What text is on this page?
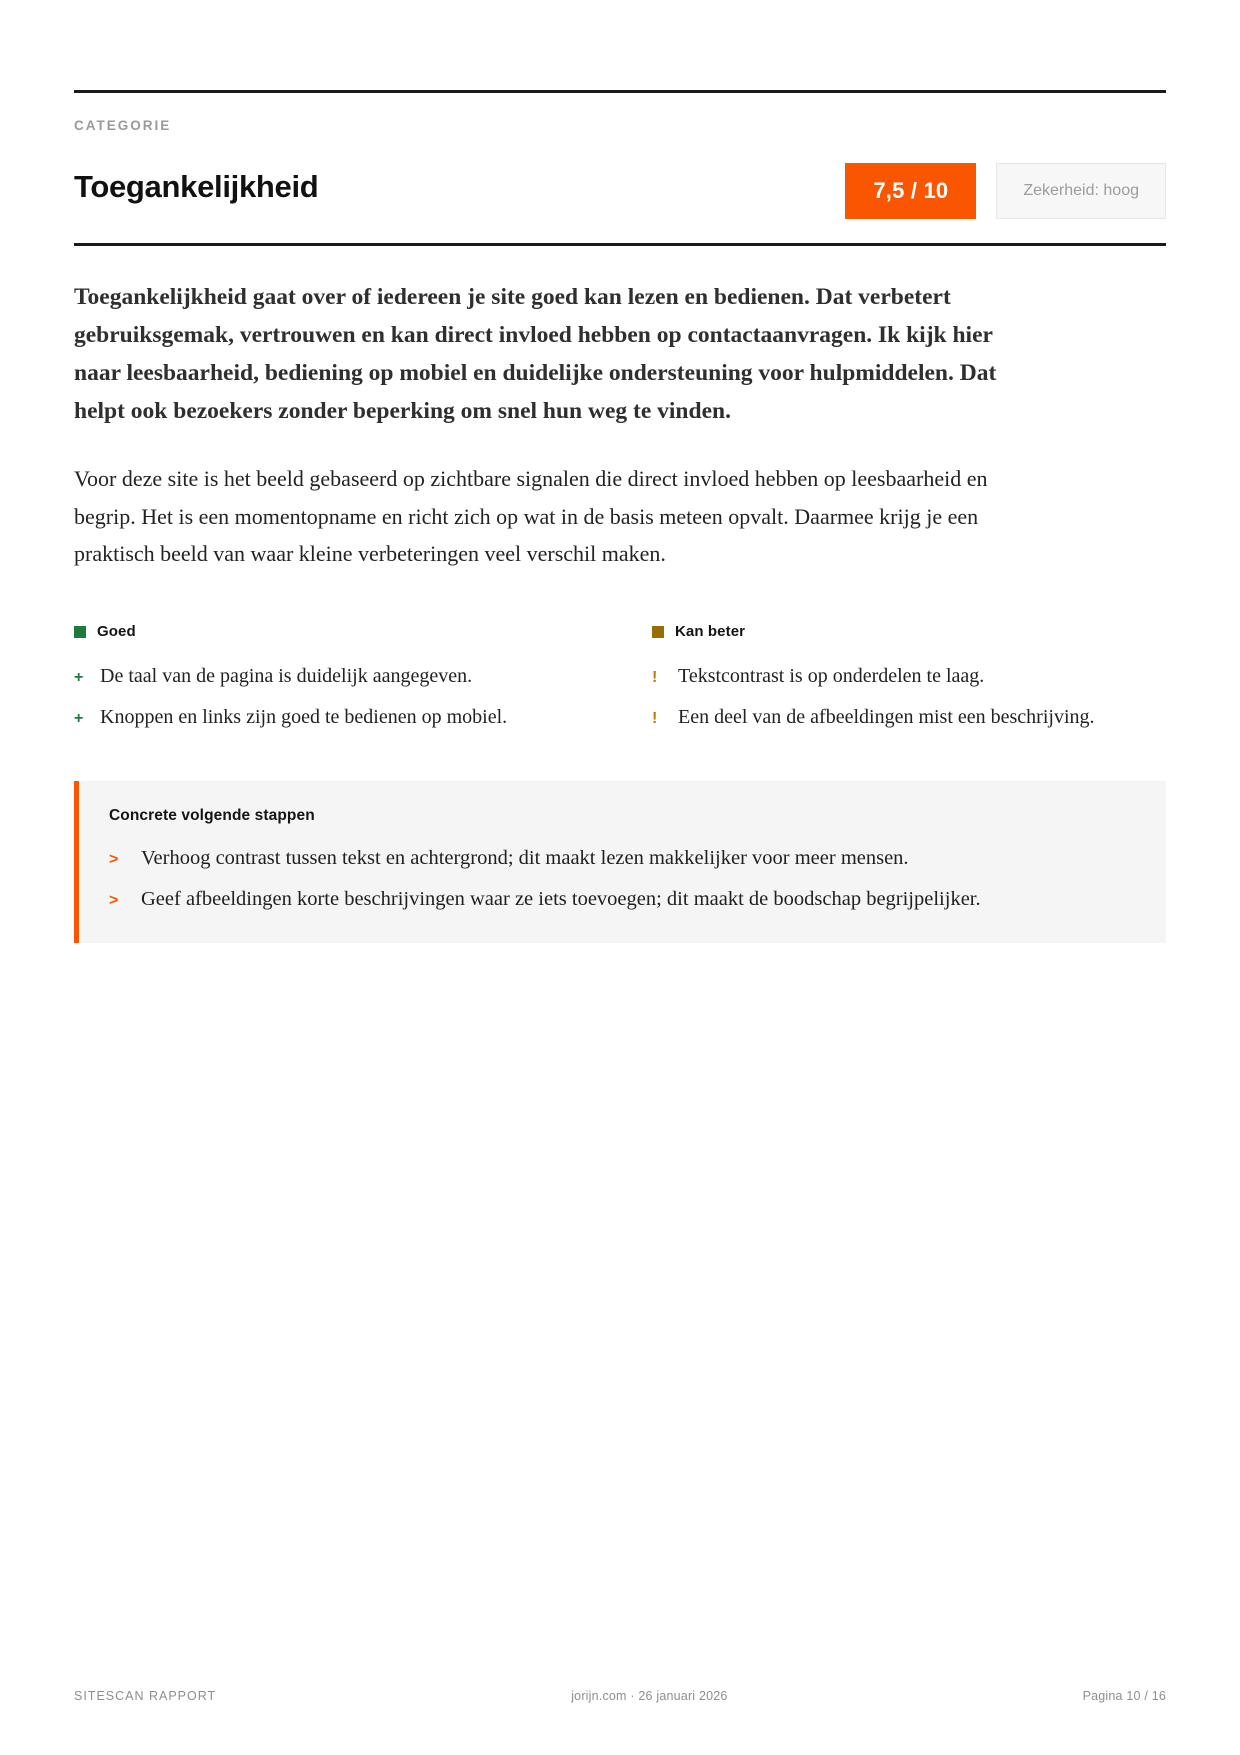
CATEGORIE
Toegankelijkheid	7,5 / 10	Zekerheid: hoog

Toegankelijkheid gaat over of iedereen je site goed kan lezen en bedienen. Dat verbetert gebruiksgemak, vertrouwen en kan direct invloed hebben op contactaanvragen. Ik kijk hier naar leesbaarheid, bediening op mobiel en duidelijke ondersteuning voor hulpmiddelen. Dat helpt ook bezoekers zonder beperking om snel hun weg te vinden.

Voor deze site is het beeld gebaseerd op zichtbare signalen die direct invloed hebben op leesbaarheid en begrip. Het is een momentopname en richt zich op wat in de basis meteen opvalt. Daarmee krijg je een praktisch beeld van waar kleine verbeteringen veel verschil maken.

Goed
+ De taal van de pagina is duidelijk aangegeven.
+ Knoppen en links zijn goed te bedienen op mobiel.
Kan beter
! Tekstcontrast is op onderdelen te laag.
! Een deel van de afbeeldingen mist een beschrijving.
Concrete volgende stappen
> Verhoog contrast tussen tekst en achtergrond; dit maakt lezen makkelijker voor meer mensen.
> Geef afbeeldingen korte beschrijvingen waar ze iets toevoegen; dit maakt de boodschap begrijpelijker.
SITESCAN RAPPORT	jorijn.com · 26 januari 2026	Pagina 10 / 16
